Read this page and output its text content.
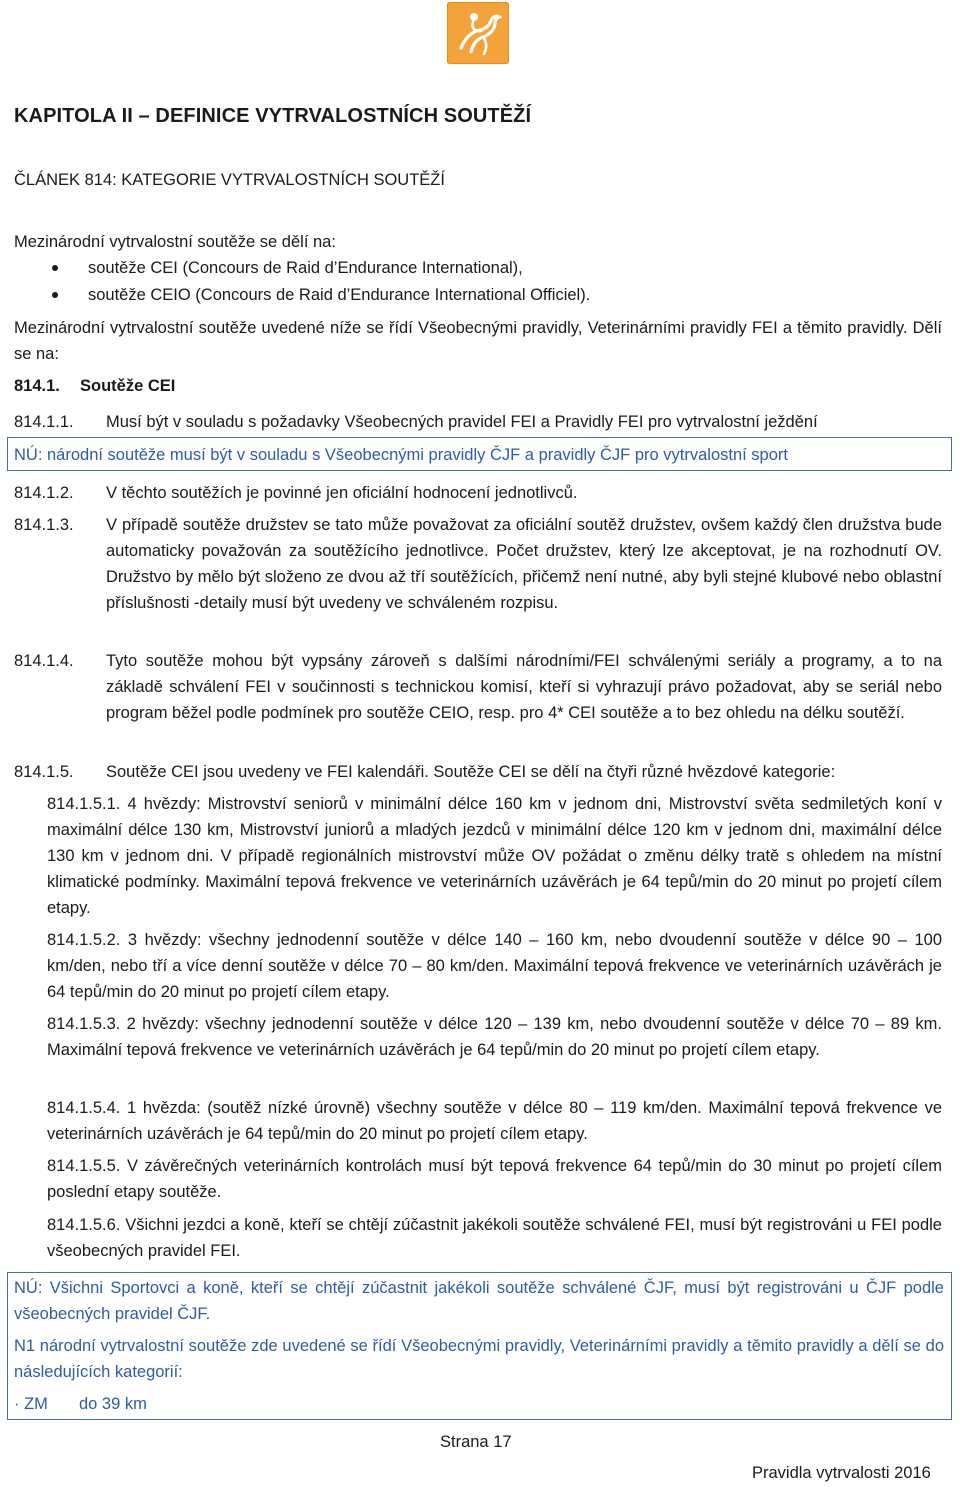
KAPITOLA II – DEFINICE VYTRVALOSTNÍCH SOUTĚŽÍ
ČLÁNEK 814: KATEGORIE VYTRVALOSTNÍCH SOUTĚŽÍ
Mezinárodní vytrvalostní soutěže se dělí na:
soutěže CEI (Concours de Raid d’Endurance International),
soutěže CEIO (Concours de Raid d’Endurance International Officiel).
Mezinárodní vytrvalostní soutěže uvedené níže se řídí Všeobecnými pravidly, Veterinárními pravidly FEI a těmito pravidly. Dělí se na:
814.1. Soutěže CEI
814.1.1. Musí být v souladu s požadavky Všeobecných pravidel FEI a Pravidly FEI pro vytrvalostní ježdění
NÚ: národní soutěže musí být v souladu s Všeobecnými pravidly ČJF a pravidly ČJF pro vytrvalostní sport
814.1.2. V těchto soutěžích je povinné jen oficiální hodnocení jednotlivců.
814.1.3. V případě soutěže družstev se tato může považovat za oficiální soutěž družstev, ovšem každý člen družstva bude automaticky považován za soutěžícího jednotlivce. Počet družstev, který lze akceptovat, je na rozhodnutí OV. Družstvo by mělo být složeno ze dvou až tří soutěžících, přičemž není nutné, aby byli stejné klubové nebo oblastní příslušnosti -detaily musí být uvedeny ve schváleném rozpisu.
814.1.4. Tyto soutěže mohou být vypsány zároveň s dalšími národními/FEI schválenými seriály a programy, a to na základě schválení FEI v součinnosti s technickou komisí, kteří si vyhrazují právo požadovat, aby se seriál nebo program běžel podle podmínek pro soutěže CEIO, resp. pro 4* CEI soutěže a to bez ohledu na délku soutěží.
814.1.5. Soutěže CEI jsou uvedeny ve FEI kalendáři. Soutěže CEI se dělí na čtyři různé hvězdové kategorie:
814.1.5.1. 4 hvězdy: Mistrovství seniorů v minimální délce 160 km v jednom dni, Mistrovství světa sedmiletých koní v maximální délce 130 km, Mistrovství juniorů a mladých jezdců v minimální délce 120 km v jednom dni, maximální délce 130 km v jednom dni. V případě regionálních mistrovství může OV požádat o změnu délky tratě s ohledem na místní klimatické podmínky. Maximální tepová frekvence ve veterinárních uzávěrách je 64 tepů/min do 20 minut po projetí cílem etapy.
814.1.5.2. 3 hvězdy: všechny jednodenní soutěže v délce 140 – 160 km, nebo dvoudenní soutěže v délce 90 – 100 km/den, nebo tří a více denní soutěže v délce 70 – 80 km/den. Maximální tepová frekvence ve veterinárních uzávěrách je 64 tepů/min do 20 minut po projetí cílem etapy.
814.1.5.3. 2 hvězdy: všechny jednodenní soutěže v délce 120 – 139 km, nebo dvoudenní soutěže v délce 70 – 89 km. Maximální tepová frekvence ve veterinárních uzávěrách je 64 tepů/min do 20 minut po projetí cílem etapy.
814.1.5.4. 1 hvězda: (soutěž nízké úrovně) všechny soutěže v délce 80 – 119 km/den. Maximální tepová frekvence ve veterinárních uzávěrách je 64 tepů/min do 20 minut po projetí cílem etapy.
814.1.5.5. V závěrečných veterinárních kontrolách musí být tepová frekvence 64 tepů/min do 30 minut po projetí cílem poslední etapy soutěže.
814.1.5.6. Všichni jezdci a koně, kteří se chtějí zúčastnit jakékoli soutěže schválené FEI, musí být registrováni u FEI podle všeobecných pravidel FEI.
NÚ: Všichni Sportovci a koně, kteří se chtějí zúčastnit jakékoli soutěže schválené ČJF, musí být registrováni u ČJF podle všeobecných pravidel ČJF.
N1 národní vytrvalostní soutěže zde uvedené se řídí Všeobecnými pravidly, Veterinárními pravidly a těmito pravidly a dělí se do následujících kategorií:
· ZM do 39 km
Strana 17
Pravidla vytrvalosti 2016
